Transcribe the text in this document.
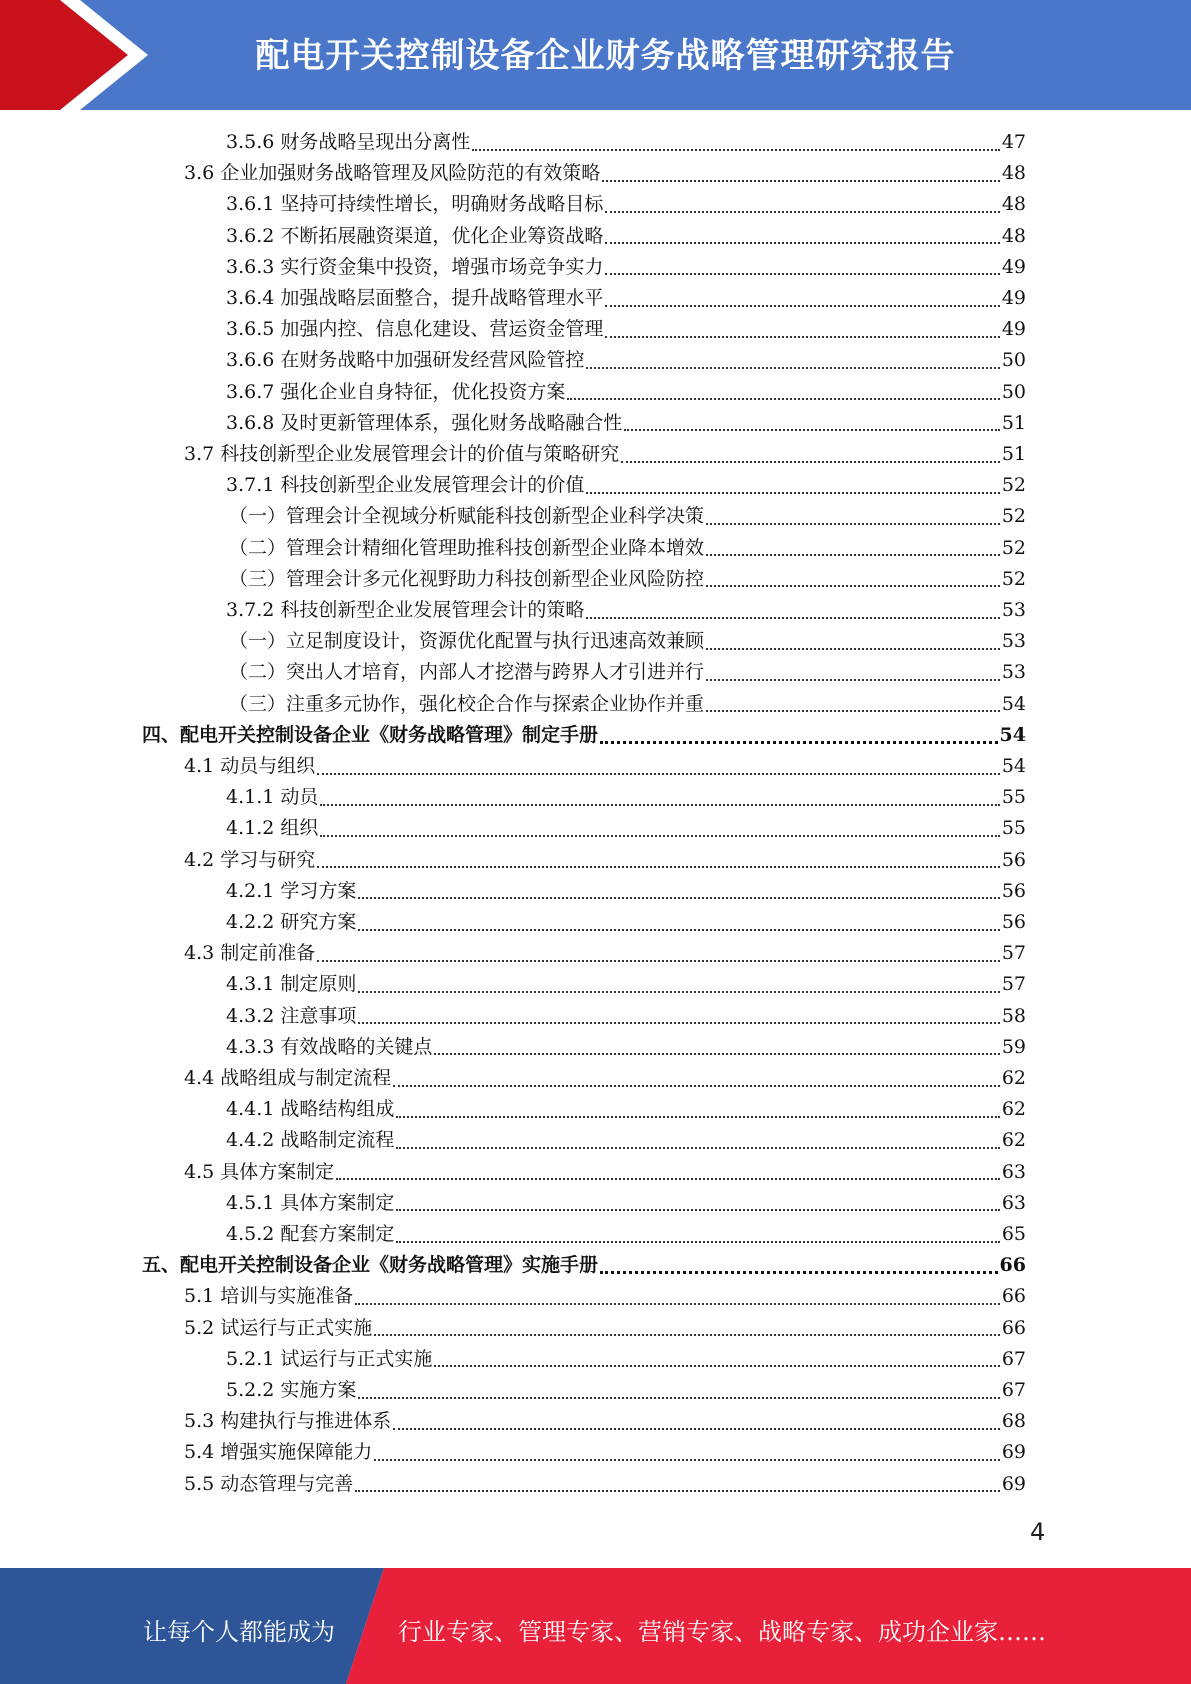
配电开关控制设备企业财务战略管理研究报告
3.5.6 财务战略呈现出分离性	47
3.6 企业加强财务战略管理及风险防范的有效策略	48
3.6.1 坚持可持续性增长，明确财务战略目标	48
3.6.2 不断拓展融资渠道，优化企业筹资战略	48
3.6.3 实行资金集中投资，增强市场竞争实力	49
3.6.4 加强战略层面整合，提升战略管理水平	49
3.6.5 加强内控、信息化建设、营运资金管理	49
3.6.6 在财务战略中加强研发经营风险管控	50
3.6.7 强化企业自身特征，优化投资方案	50
3.6.8 及时更新管理体系，强化财务战略融合性	51
3.7 科技创新型企业发展管理会计的价值与策略研究	51
3.7.1 科技创新型企业发展管理会计的价值	52
（一）管理会计全视域分析赋能科技创新型企业科学决策	52
（二）管理会计精细化管理助推科技创新型企业降本增效	52
（三）管理会计多元化视野助力科技创新型企业风险防控	52
3.7.2 科技创新型企业发展管理会计的策略	53
（一）立足制度设计，资源优化配置与执行迅速高效兼顾	53
（二）突出人才培育，内部人才挖潜与跨界人才引进并行	53
（三）注重多元协作，强化校企合作与探索企业协作并重	54
四、配电开关控制设备企业《财务战略管理》制定手册	54
4.1 动员与组织	54
4.1.1 动员	55
4.1.2 组织	55
4.2 学习与研究	56
4.2.1 学习方案	56
4.2.2 研究方案	56
4.3 制定前准备	57
4.3.1 制定原则	57
4.3.2 注意事项	58
4.3.3 有效战略的关键点	59
4.4 战略组成与制定流程	62
4.4.1 战略结构组成	62
4.4.2 战略制定流程	62
4.5 具体方案制定	63
4.5.1 具体方案制定	63
4.5.2 配套方案制定	65
五、配电开关控制设备企业《财务战略管理》实施手册	66
5.1 培训与实施准备	66
5.2 试运行与正式实施	66
5.2.1 试运行与正式实施	67
5.2.2 实施方案	67
5.3 构建执行与推进体系	68
5.4 增强实施保障能力	69
5.5 动态管理与完善	69
4
让每个人都能成为	行业专家、管理专家、营销专家、战略专家、成功企业家……
